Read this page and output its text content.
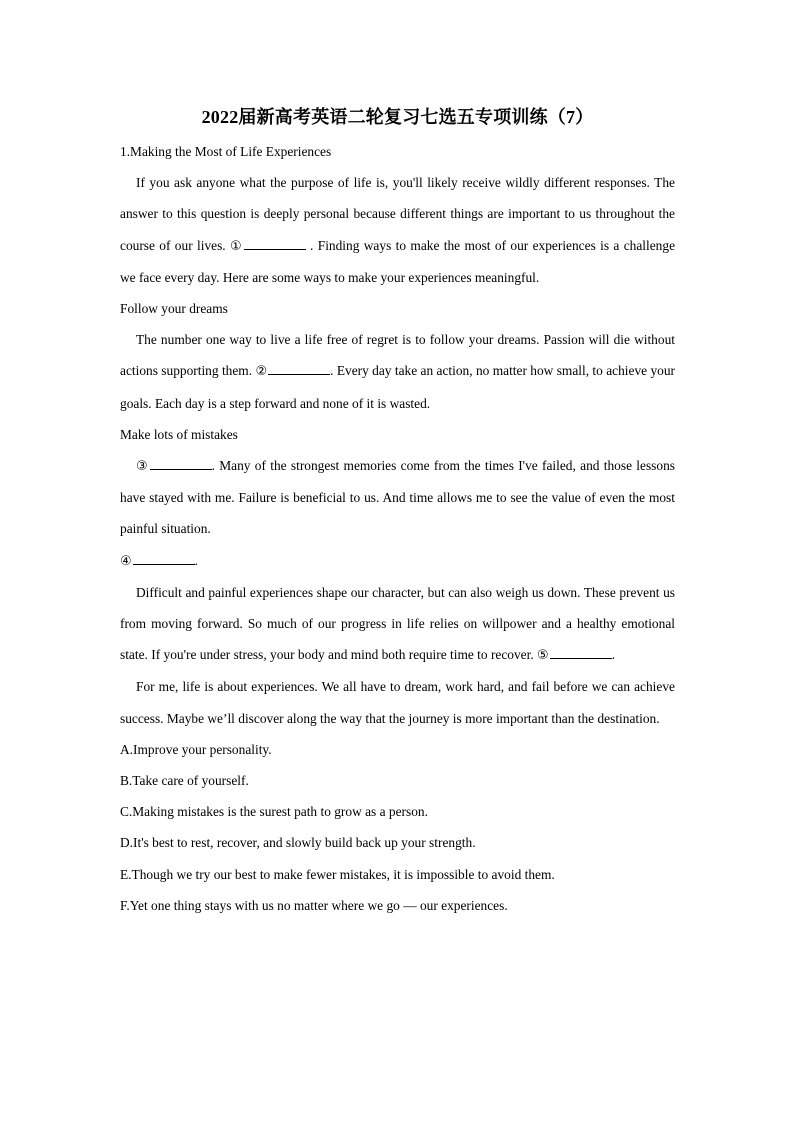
2022届新高考英语二轮复习七选五专项训练（7）

1.Making the Most of Life Experiences

If you ask anyone what the purpose of life is, you'll likely receive wildly different responses. The answer to this question is deeply personal because different things are important to us throughout the course of our lives. ①	. Finding ways to make the most of our experiences is a challenge we face every day. Here are some ways to make your experiences meaningful.

Follow your dreams

The number one way to live a life free of regret is to follow your dreams. Passion will die without actions supporting them. ②	. Every day take an action, no matter how small, to achieve your goals. Each day is a step forward and none of it is wasted.

Make lots of mistakes

③	. Many of the strongest memories come from the times I've failed, and those lessons have stayed with me. Failure is beneficial to us. And time allows me to see the value of even the most painful situation.

④	.

Difficult and painful experiences shape our character, but can also weigh us down. These prevent us from moving forward. So much of our progress in life relies on willpower and a healthy emotional state. If you're under stress, your body and mind both require time to recover. ⑤	.

For me, life is about experiences. We all have to dream, work hard, and fail before we can achieve success. Maybe we’ll discover along the way that the journey is more important than the destination.

A.Improve your personality.

B.Take care of yourself.

C.Making mistakes is the surest path to grow as a person.

D.It's best to rest, recover, and slowly build back up your strength.

E.Though we try our best to make fewer mistakes, it is impossible to avoid them.

F.Yet one thing stays with us no matter where we go — our experiences.
